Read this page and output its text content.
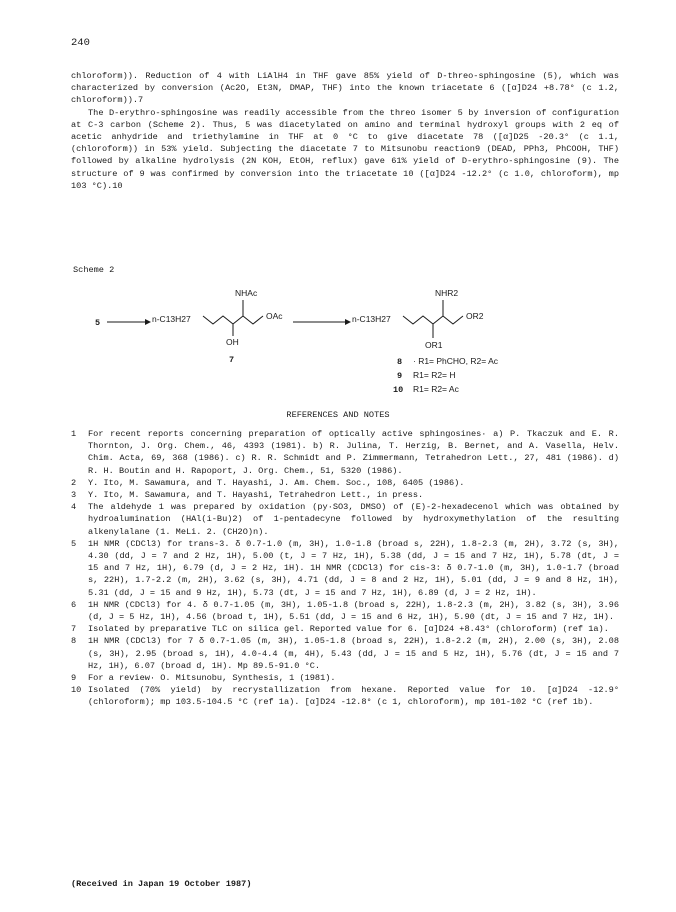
240

chloroform)). Reduction of 4 with LiAlH4 in THF gave 85% yield of D-threo-sphingosine (5), which was characterized by conversion (Ac2O, Et3N, DMAP, THF) into the known triacetate 6 ([α]D24 +8.78° (c 1.2, chloroform)).7

The D-erythro-sphingosine was readily accessible from the threo isomer 5 by inversion of configuration at C-3 carbon (Scheme 2). Thus, 5 was diacetylated on amino and terminal hydroxyl groups with 2 eq of acetic anhydride and triethylamine in THF at 0 °C to give diacetate 78 ([α]D25 -20.3° (c 1.1, (chloroform)) in 53% yield. Subjecting the diacetate 7 to Mitsunobu reaction9 (DEAD, PPh3, PhCOOH, THF) followed by alkaline hydrolysis (2N KOH, EtOH, reflux) gave 61% yield of D-erythro-sphingosine (9). The structure of 9 was confirmed by conversion into the triacetate 10 ([α]D24 -12.2° (c 1.0, chloroform), mp 103 °C).10

Scheme 2
5	n-C13H27
NHAc
OH
OAc
7
n-C13H27
NHR2
OR1
OR2
8 · R1= PhCHO, R2= Ac
9 R1= R2= H
10 R1= R2= Ac
REFERENCES AND NOTES
1 For recent reports concerning preparation of optically active sphingosines· a) P. Tkaczuk and E. R. Thornton, J. Org. Chem., 46, 4393 (1981). b) R. Julina, T. Herzig, B. Bernet, and A. Vasella, Helv. Chim. Acta, 69, 368 (1986). c) R. R. Schmidt and P. Zimmermann, Tetrahedron Lett., 27, 481 (1986). d) R. H. Boutin and H. Rapoport, J. Org. Chem., 51, 5320 (1986).
2 Y. Ito, M. Sawamura, and T. Hayashi, J. Am. Chem. Soc., 108, 6405 (1986).
3 Y. Ito, M. Sawamura, and T. Hayashi, Tetrahedron Lett., in press.
4 The aldehyde 1 was prepared by oxidation (py·SO3, DMSO) of (E)-2-hexadecenol which was obtained by hydroalumination (HAl(i-Bu)2) of 1-pentadecyne followed by hydroxymethylation of the resulting alkenylalane (1. MeLi. 2. (CH2O)n).
5 1H NMR (CDCl3) for trans-3. δ 0.7-1.0 (m, 3H), 1.0-1.8 (broad s, 22H), 1.8-2.3 (m, 2H), 3.72 (s, 3H), 4.30 (dd, J = 7 and 2 Hz, 1H), 5.00 (t, J = 7 Hz, 1H), 5.38 (dd, J = 15 and 7 Hz, 1H), 5.78 (dt, J = 15 and 7 Hz, 1H), 6.79 (d, J = 2 Hz, 1H). 1H NMR (CDCl3) for cis-3: δ 0.7-1.0 (m, 3H), 1.0-1.7 (broad s, 22H), 1.7-2.2 (m, 2H), 3.62 (s, 3H), 4.71 (dd, J = 8 and 2 Hz, 1H), 5.01 (dd, J = 9 and 8 Hz, 1H), 5.31 (dd, J = 15 and 9 Hz, 1H), 5.73 (dt, J = 15 and 7 Hz, 1H), 6.89 (d, J = 2 Hz, 1H).
6 1H NMR (CDCl3) for 4. δ 0.7-1.05 (m, 3H), 1.05-1.8 (broad s, 22H), 1.8-2.3 (m, 2H), 3.82 (s, 3H), 3.96 (d, J = 5 Hz, 1H), 4.56 (broad t, 1H), 5.51 (dd, J = 15 and 6 Hz, 1H), 5.90 (dt, J = 15 and 7 Hz, 1H).
7 Isolated by preparative TLC on silica gel. Reported value for 6. [α]D24 +8.43° (chloroform) (ref 1a).
8 1H NMR (CDCl3) for 7 δ 0.7-1.05 (m, 3H), 1.05-1.8 (broad s, 22H), 1.8-2.2 (m, 2H), 2.00 (s, 3H), 2.08 (s, 3H), 2.95 (broad s, 1H), 4.0-4.4 (m, 4H), 5.43 (dd, J = 15 and 5 Hz, 1H), 5.76 (dt, J = 15 and 7 Hz, 1H), 6.07 (broad d, 1H). Mp 89.5-91.0 °C.
9 For a review· O. Mitsunobu, Synthesis, 1 (1981).
10 Isolated (70% yield) by recrystallization from hexane. Reported value for 10. [α]D24 -12.9° (chloroform); mp 103.5-104.5 °C (ref 1a). [α]D24 -12.8° (c 1, chloroform), mp 101-102 °C (ref 1b).
(Received in Japan 19 October 1987)
